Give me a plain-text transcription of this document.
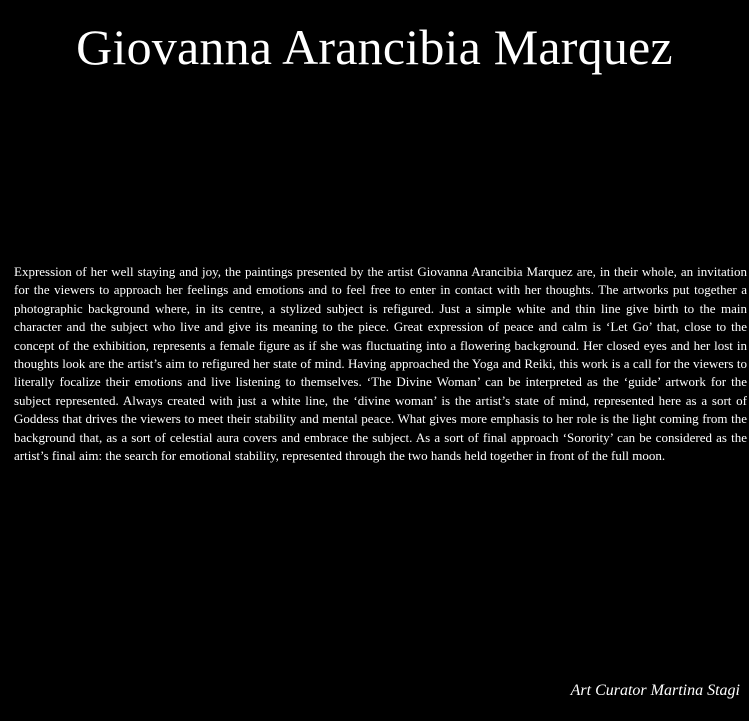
Giovanna Arancibia Marquez

Expression of her well staying and joy, the paintings presented by the artist Giovanna Arancibia Marquez are, in their whole, an invitation for the viewers to approach her feelings and emotions and to feel free to enter in contact with her thoughts. The artworks put together a photographic background where, in its centre, a stylized subject is refigured. Just a simple white and thin line give birth to the main character and the subject who live and give its meaning to the piece. Great expression of peace and calm is ‘Let Go’ that, close to the concept of the exhibition, represents a female figure as if she was fluctuating into a flowering background. Her closed eyes and her lost in thoughts look are the artist’s aim to refigured her state of mind. Having approached the Yoga and Reiki, this work is a call for the viewers to literally focalize their emotions and live listening to themselves. ‘The Divine Woman’ can be interpreted as the ‘guide’ artwork for the subject represented. Always created with just a white line, the ‘divine woman’ is the artist’s state of mind, represented here as a sort of Goddess that drives the viewers to meet their stability and mental peace. What gives more emphasis to her role is the light coming from the background that, as a sort of celestial aura covers and embrace the subject. As a sort of final approach ‘Sorority’ can be considered as the artist’s final aim: the search for emotional stability, represented through the two hands held together in front of the full moon.

Art Curator Martina Stagi
